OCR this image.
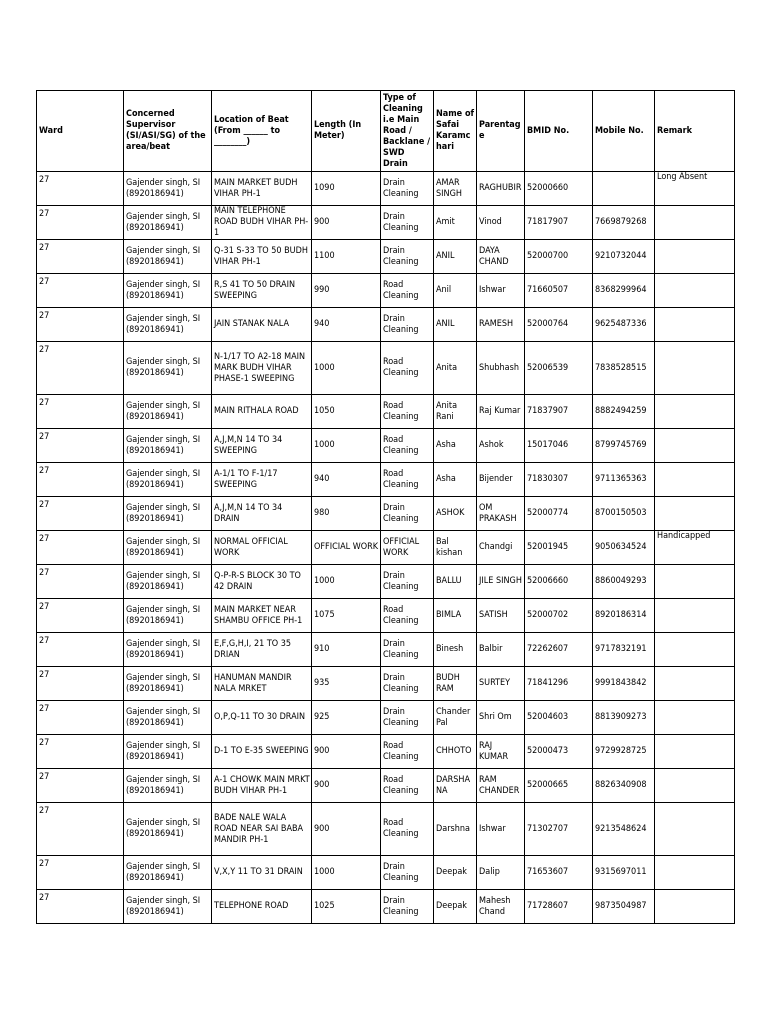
Ward	Concerned Supervisor (SI/ASI/SG) of the area/beat	Location of Beat (From ______ to ________)	Length (In Meter)	Type of Cleaning i.e Main Road / Backlane / SWD Drain	Name of Safai Karamchari	Parentage	BMID No.	Mobile No.	Remark
27	Gajender singh, SI (8920186941)	MAIN MARKET BUDH VIHAR PH-1	1090	Drain Cleaning	AMAR SINGH	RAGHUBIR	52000660		Long Absent
27	Gajender singh, SI (8920186941)	MAIN TELEPHONE ROAD BUDH VIHAR PH-1	900	Drain Cleaning	Amit	Vinod	71817907	7669879268	
27	Gajender singh, SI (8920186941)	Q-31 S-33 TO 50 BUDH VIHAR PH-1	1100	Drain Cleaning	ANIL	DAYA CHAND	52000700	9210732044	
27	Gajender singh, SI (8920186941)	R,S 41 TO 50 DRAIN SWEEPING	990	Road Cleaning	Anil	Ishwar	71660507	8368299964	
27	Gajender singh, SI (8920186941)	JAIN STANAK NALA	940	Drain Cleaning	ANIL	RAMESH	52000764	9625487336	
27	Gajender singh, SI (8920186941)	N-1/17 TO A2-18 MAIN MARK BUDH VIHAR PHASE-1 SWEEPING	1000	Road Cleaning	Anita	Shubhash	52006539	7838528515	
27	Gajender singh, SI (8920186941)	MAIN RITHALA ROAD	1050	Road Cleaning	Anita Rani	Raj Kumar	71837907	8882494259	
27	Gajender singh, SI (8920186941)	A,J,M,N 14 TO 34 SWEEPING	1000	Road Cleaning	Asha	Ashok	15017046	8799745769	
27	Gajender singh, SI (8920186941)	A-1/1 TO F-1/17 SWEEPING	940	Road Cleaning	Asha	Bijender	71830307	9711365363	
27	Gajender singh, SI (8920186941)	A,J,M,N 14 TO 34 DRAIN	980	Drain Cleaning	ASHOK	OM PRAKASH	52000774	8700150503	
27	Gajender singh, SI (8920186941)	NORMAL OFFICIAL WORK	OFFICIAL WORK	OFFICIAL WORK	Bal kishan	Chandgi	52001945	9050634524	Handicapped
27	Gajender singh, SI (8920186941)	Q-P-R-S BLOCK 30 TO 42 DRAIN	1000	Drain Cleaning	BALLU	JILE SINGH	52006660	8860049293	
27	Gajender singh, SI (8920186941)	MAIN MARKET NEAR SHAMBU OFFICE PH-1	1075	Road Cleaning	BIMLA	SATISH	52000702	8920186314	
27	Gajender singh, SI (8920186941)	E,F,G,H,I, 21 TO 35 DRIAN	910	Drain Cleaning	Binesh	Balbir	72262607	9717832191	
27	Gajender singh, SI (8920186941)	HANUMAN MANDIR NALA MRKET	935	Drain Cleaning	BUDH RAM	SURTEY	71841296	9991843842	
27	Gajender singh, SI (8920186941)	O,P,Q-11 TO 30 DRAIN	925	Drain Cleaning	Chander Pal	Shri Om	52004603	8813909273	
27	Gajender singh, SI (8920186941)	D-1 TO E-35 SWEEPING	900	Road Cleaning	CHHOTO	RAJ KUMAR	52000473	9729928725	
27	Gajender singh, SI (8920186941)	A-1 CHOWK MAIN MRKT BUDH VIHAR PH-1	900	Road Cleaning	DARSHANA	RAM CHANDER	52000665	8826340908	
27	Gajender singh, SI (8920186941)	BADE NALE WALA ROAD NEAR SAI BABA MANDIR PH-1	900	Road Cleaning	Darshna	Ishwar	71302707	9213548624	
27	Gajender singh, SI (8920186941)	V,X,Y 11 TO 31 DRAIN	1000	Drain Cleaning	Deepak	Dalip	71653607	9315697011	
27	Gajender singh, SI (8920186941)	TELEPHONE ROAD	1025	Drain Cleaning	Deepak	Mahesh Chand	71728607	9873504987	
